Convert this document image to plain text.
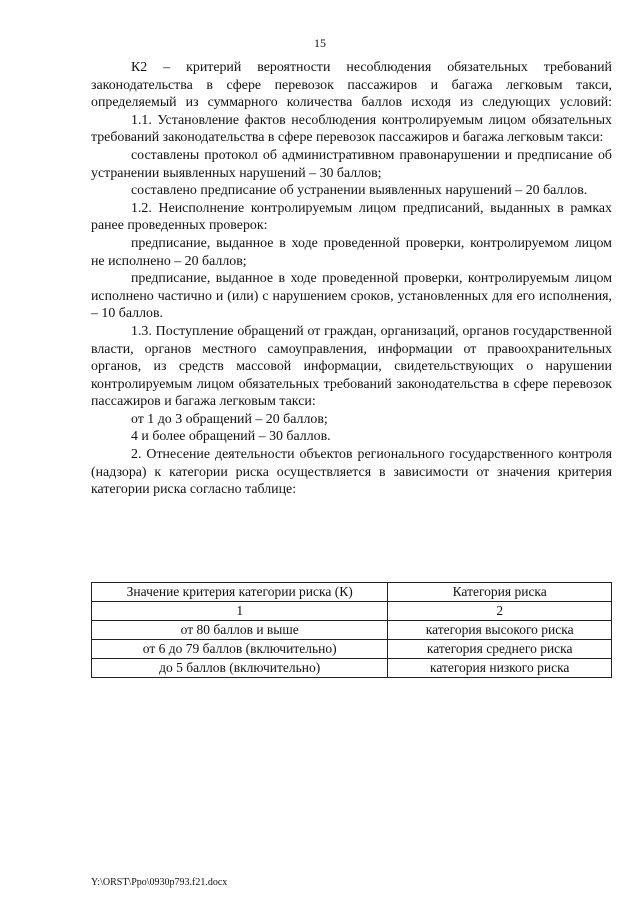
15

К2 – критерий вероятности несоблюдения обязательных требований законодательства в сфере перевозок пассажиров и багажа легковым такси, определяемый из суммарного количества баллов исходя из следующих условий:

1.1. Установление фактов несоблюдения контролируемым лицом обязательных требований законодательства в сфере перевозок пассажиров и багажа легковым такси:

составлены протокол об административном правонарушении и предписание об устранении выявленных нарушений – 30 баллов;

составлено предписание об устранении выявленных нарушений – 20 баллов.

1.2. Неисполнение контролируемым лицом предписаний, выданных в рамках ранее проведенных проверок:

предписание, выданное в ходе проведенной проверки, контролируемом лицом не исполнено – 20 баллов;

предписание, выданное в ходе проведенной проверки, контролируемым лицом исполнено частично и (или) с нарушением сроков, установленных для его исполнения, – 10 баллов.

1.3. Поступление обращений от граждан, организаций, органов государственной власти, органов местного самоуправления, информации от правоохранительных органов, из средств массовой информации, свидетельствующих о нарушении контролируемым лицом обязательных требований законодательства в сфере перевозок пассажиров и багажа легковым такси:

от 1 до 3 обращений – 20 баллов;

4 и более обращений – 30 баллов.

2. Отнесение деятельности объектов регионального государственного контроля (надзора) к категории риска осуществляется в зависимости от значения критерия категории риска согласно таблице:

Значение критерия категории риска (К)	Категория риска
1	2
от 80 баллов и выше	категория высокого риска
от 6 до 79 баллов (включительно)	категория среднего риска
до 5 баллов (включительно)	категория низкого риска
Y:\ORST\Ppo\0930p793.f21.docx
